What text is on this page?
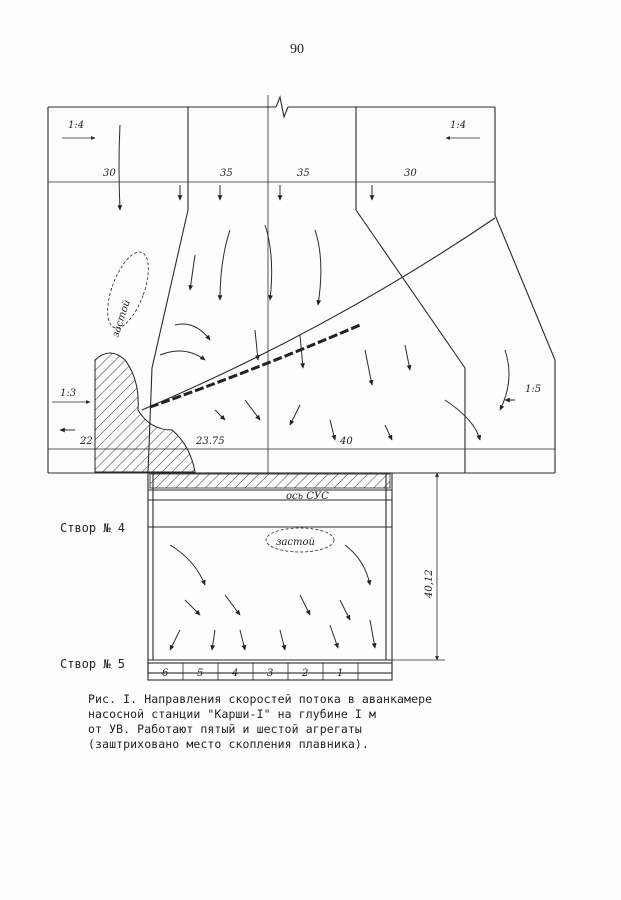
90
застой
30	35	35	30
22	23.75	40
40,12
1:4	1:4
1:3	1:5
ось СУС
застой
6	5	4	3	2	1
Створ № 4
Створ № 5
Рис. I. Направления скоростей потока в аванкамере
насосной станции "Карши-I" на глубине I м
от УВ. Работают пятый и шестой агрегаты
(заштриховано место скопления плавника).
